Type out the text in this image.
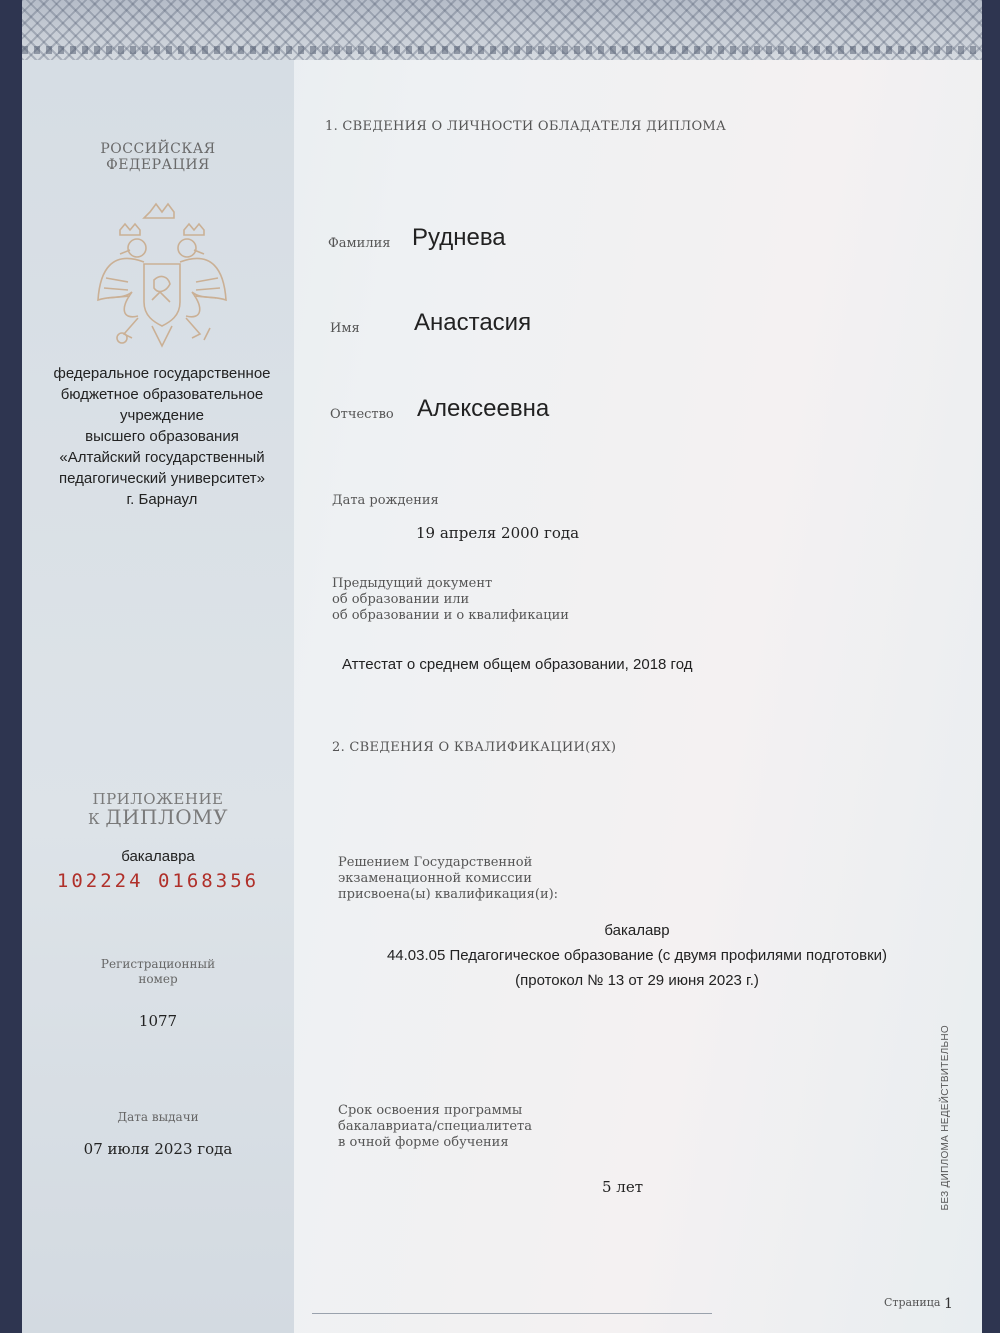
РОССИЙСКАЯ
ФЕДЕРАЦИЯ
федеральное государственное
бюджетное образовательное
учреждение
высшего образования
«Алтайский государственный
педагогический университет»
г. Барнаул
ПРИЛОЖЕНИЕ
К ДИПЛОМУ
бакалавра
102224 0168356
Регистрационный
номер
1077
Дата выдачи
07 июля 2023 года
1. СВЕДЕНИЯ О ЛИЧНОСТИ ОБЛАДАТЕЛЯ ДИПЛОМА
Фамилия Руднева
Имя Анастасия
Отчество Алексеевна
Дата рождения
19 апреля 2000 года
Предыдущий документ
об образовании или
об образовании и о квалификации
Аттестат о среднем общем образовании, 2018 год
2. СВЕДЕНИЯ О КВАЛИФИКАЦИИ(ЯХ)
Решением Государственной
экзаменационной комиссии
присвоена(ы) квалификация(и):
бакалавр
44.03.05 Педагогическое образование (с двумя профилями подготовки)
(протокол № 13 от 29 июня 2023 г.)
Срок освоения программы
бакалавриата/специалитета
в очной форме обучения
5 лет	БЕЗ ДИПЛОМА НЕДЕЙСТВИТЕЛЬНО
Страница 1
